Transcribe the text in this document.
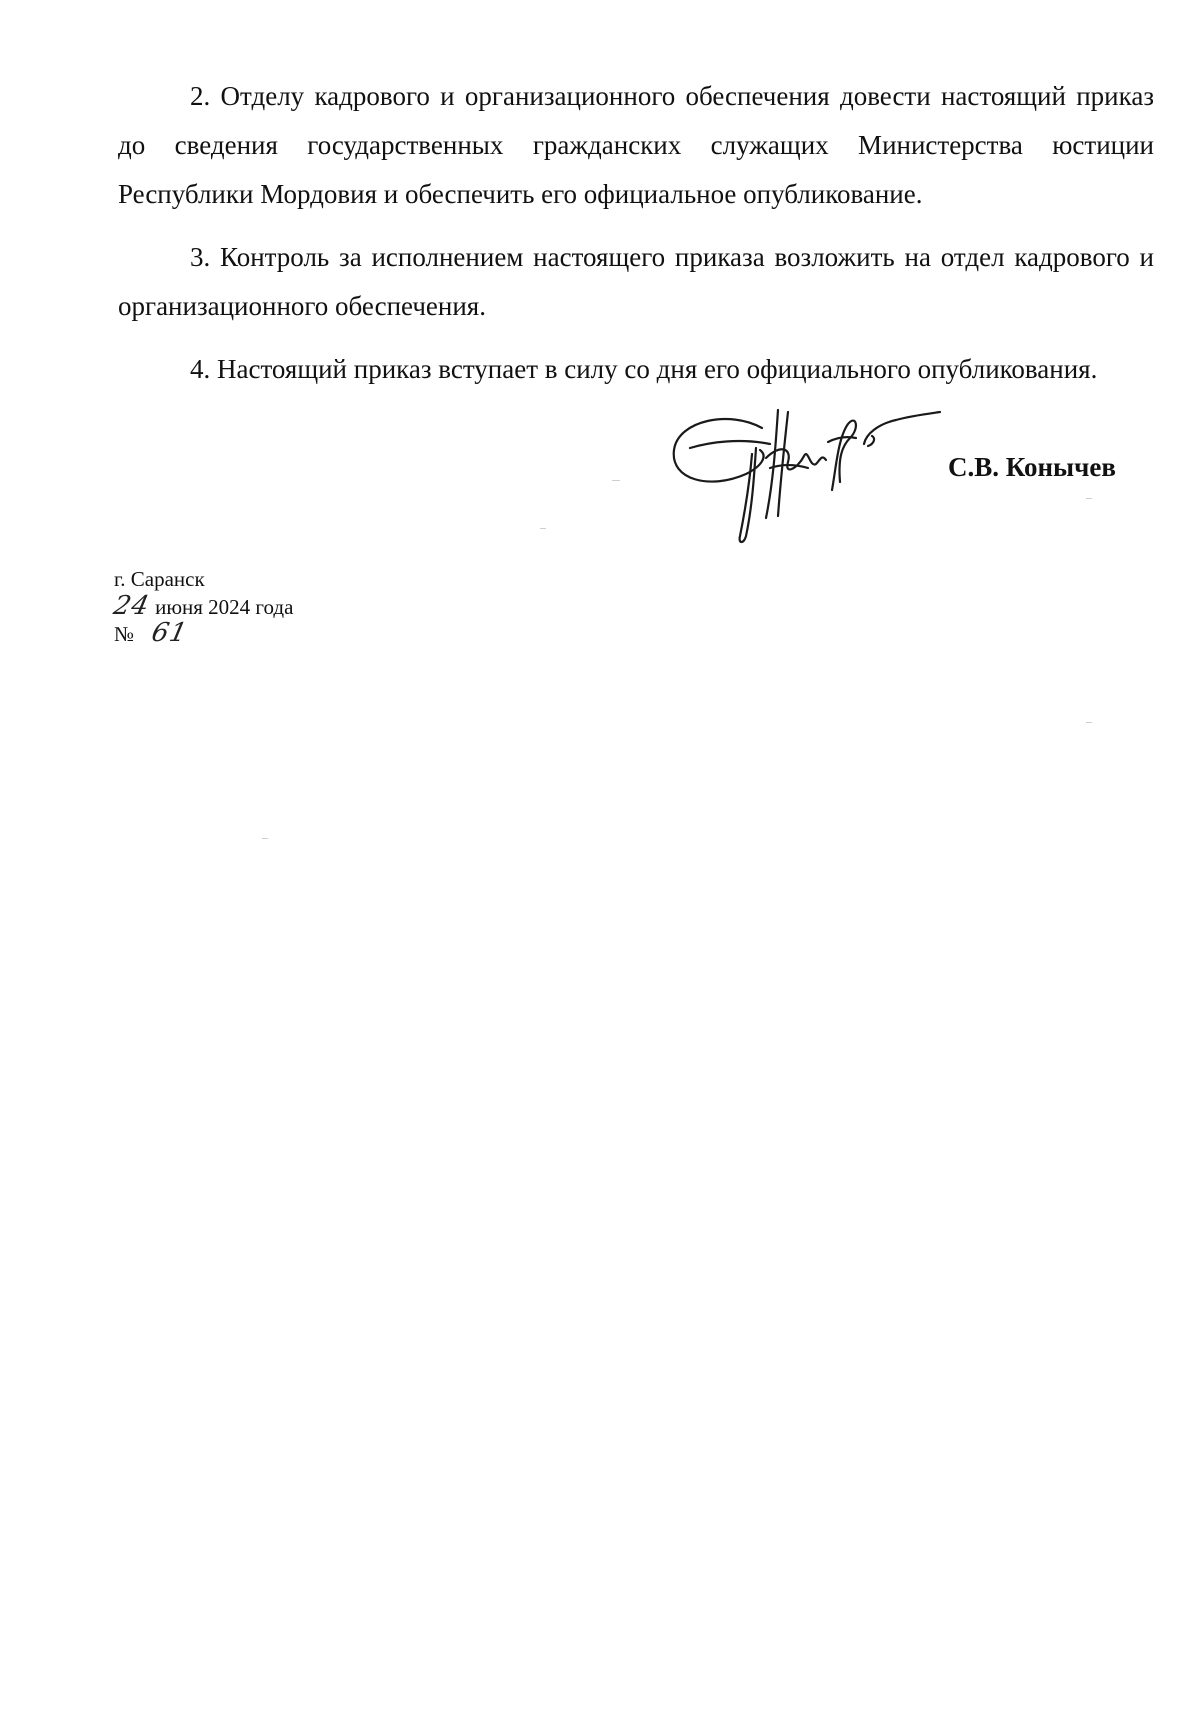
2. Отделу кадрового и организационного обеспечения довести настоящий приказ до сведения государственных гражданских служащих Министерства юстиции Республики Мордовия и обеспечить его официальное опубликование.

3. Контроль за исполнением настоящего приказа возложить на отдел кадрового и организационного обеспечения.

4. Настоящий приказ вступает в силу со дня его официального опубликования.

С.В. Конычев
г. Саранск
24 июня 2024 года
№ 61
